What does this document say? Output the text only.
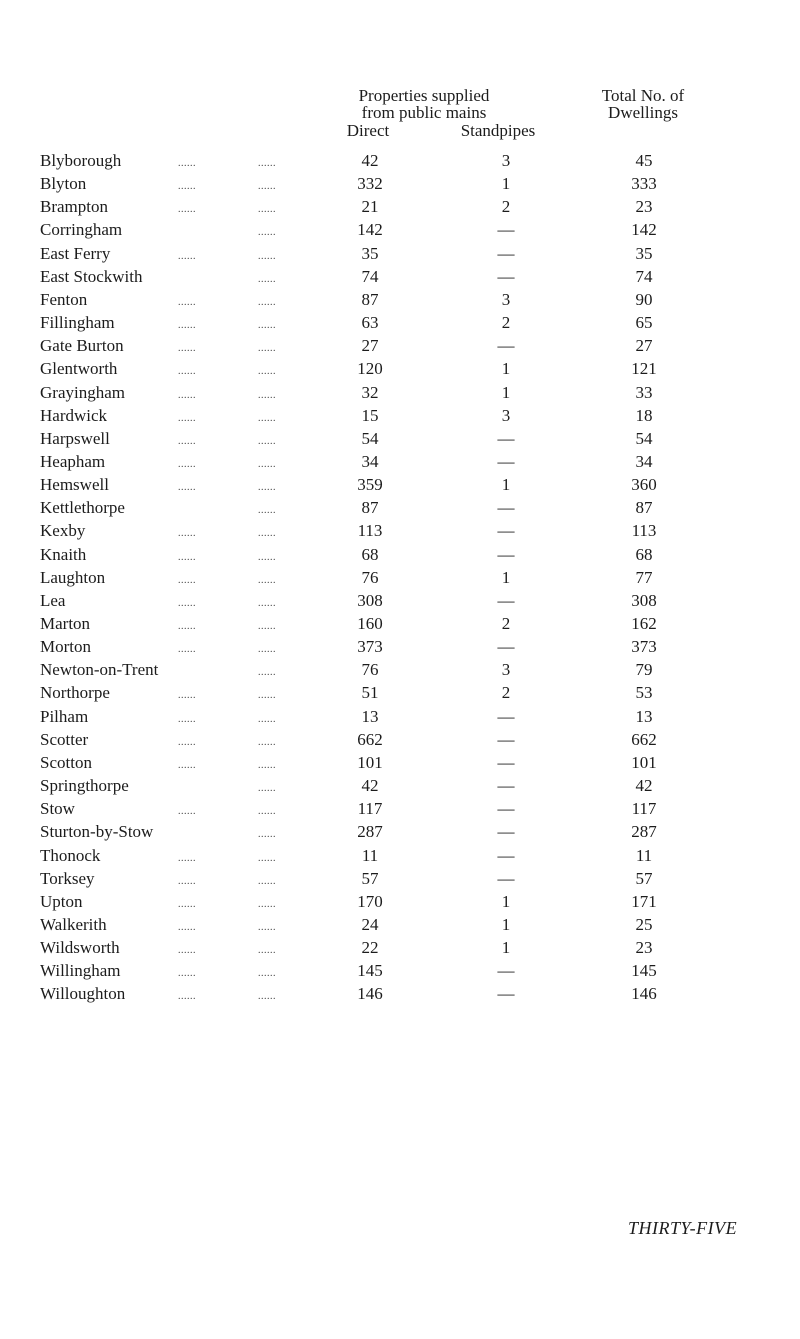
Properties supplied
from public mains
Direct	Standpipes
Total No. of
Dwellings
Blyborough	......	......	42	3	45
Blyton	......	......	332	1	333
Brampton	......	......	21	2	23
Corringham	......	142	—	142
East Ferry	......	......	35	—	35
East Stockwith	......	74	—	74
Fenton	......	......	87	3	90
Fillingham	......	......	63	2	65
Gate Burton	......	......	27	—	27
Glentworth	......	......	120	1	121
Grayingham	......	......	32	1	33
Hardwick	......	......	15	3	18
Harpswell	......	......	54	—	54
Heapham	......	......	34	—	34
Hemswell	......	......	359	1	360
Kettlethorpe	......	87	—	87
Kexby	......	......	113	—	113
Knaith	......	......	68	—	68
Laughton	......	......	76	1	77
Lea	......	......	308	—	308
Marton	......	......	160	2	162
Morton	......	......	373	—	373
Newton-on-Trent	......	76	3	79
Northorpe	......	......	51	2	53
Pilham	......	......	13	—	13
Scotter	......	......	662	—	662
Scotton	......	......	101	—	101
Springthorpe	......	42	—	42
Stow	......	......	117	—	117
Sturton-by-Stow	......	287	—	287
Thonock	......	......	11	—	11
Torksey	......	......	57	—	57
Upton	......	......	170	1	171
Walkerith	......	......	24	1	25
Wildsworth	......	......	22	1	23
Willingham	......	......	145	—	145
Willoughton	......	......	146	—	146
THIRTY-FIVE
